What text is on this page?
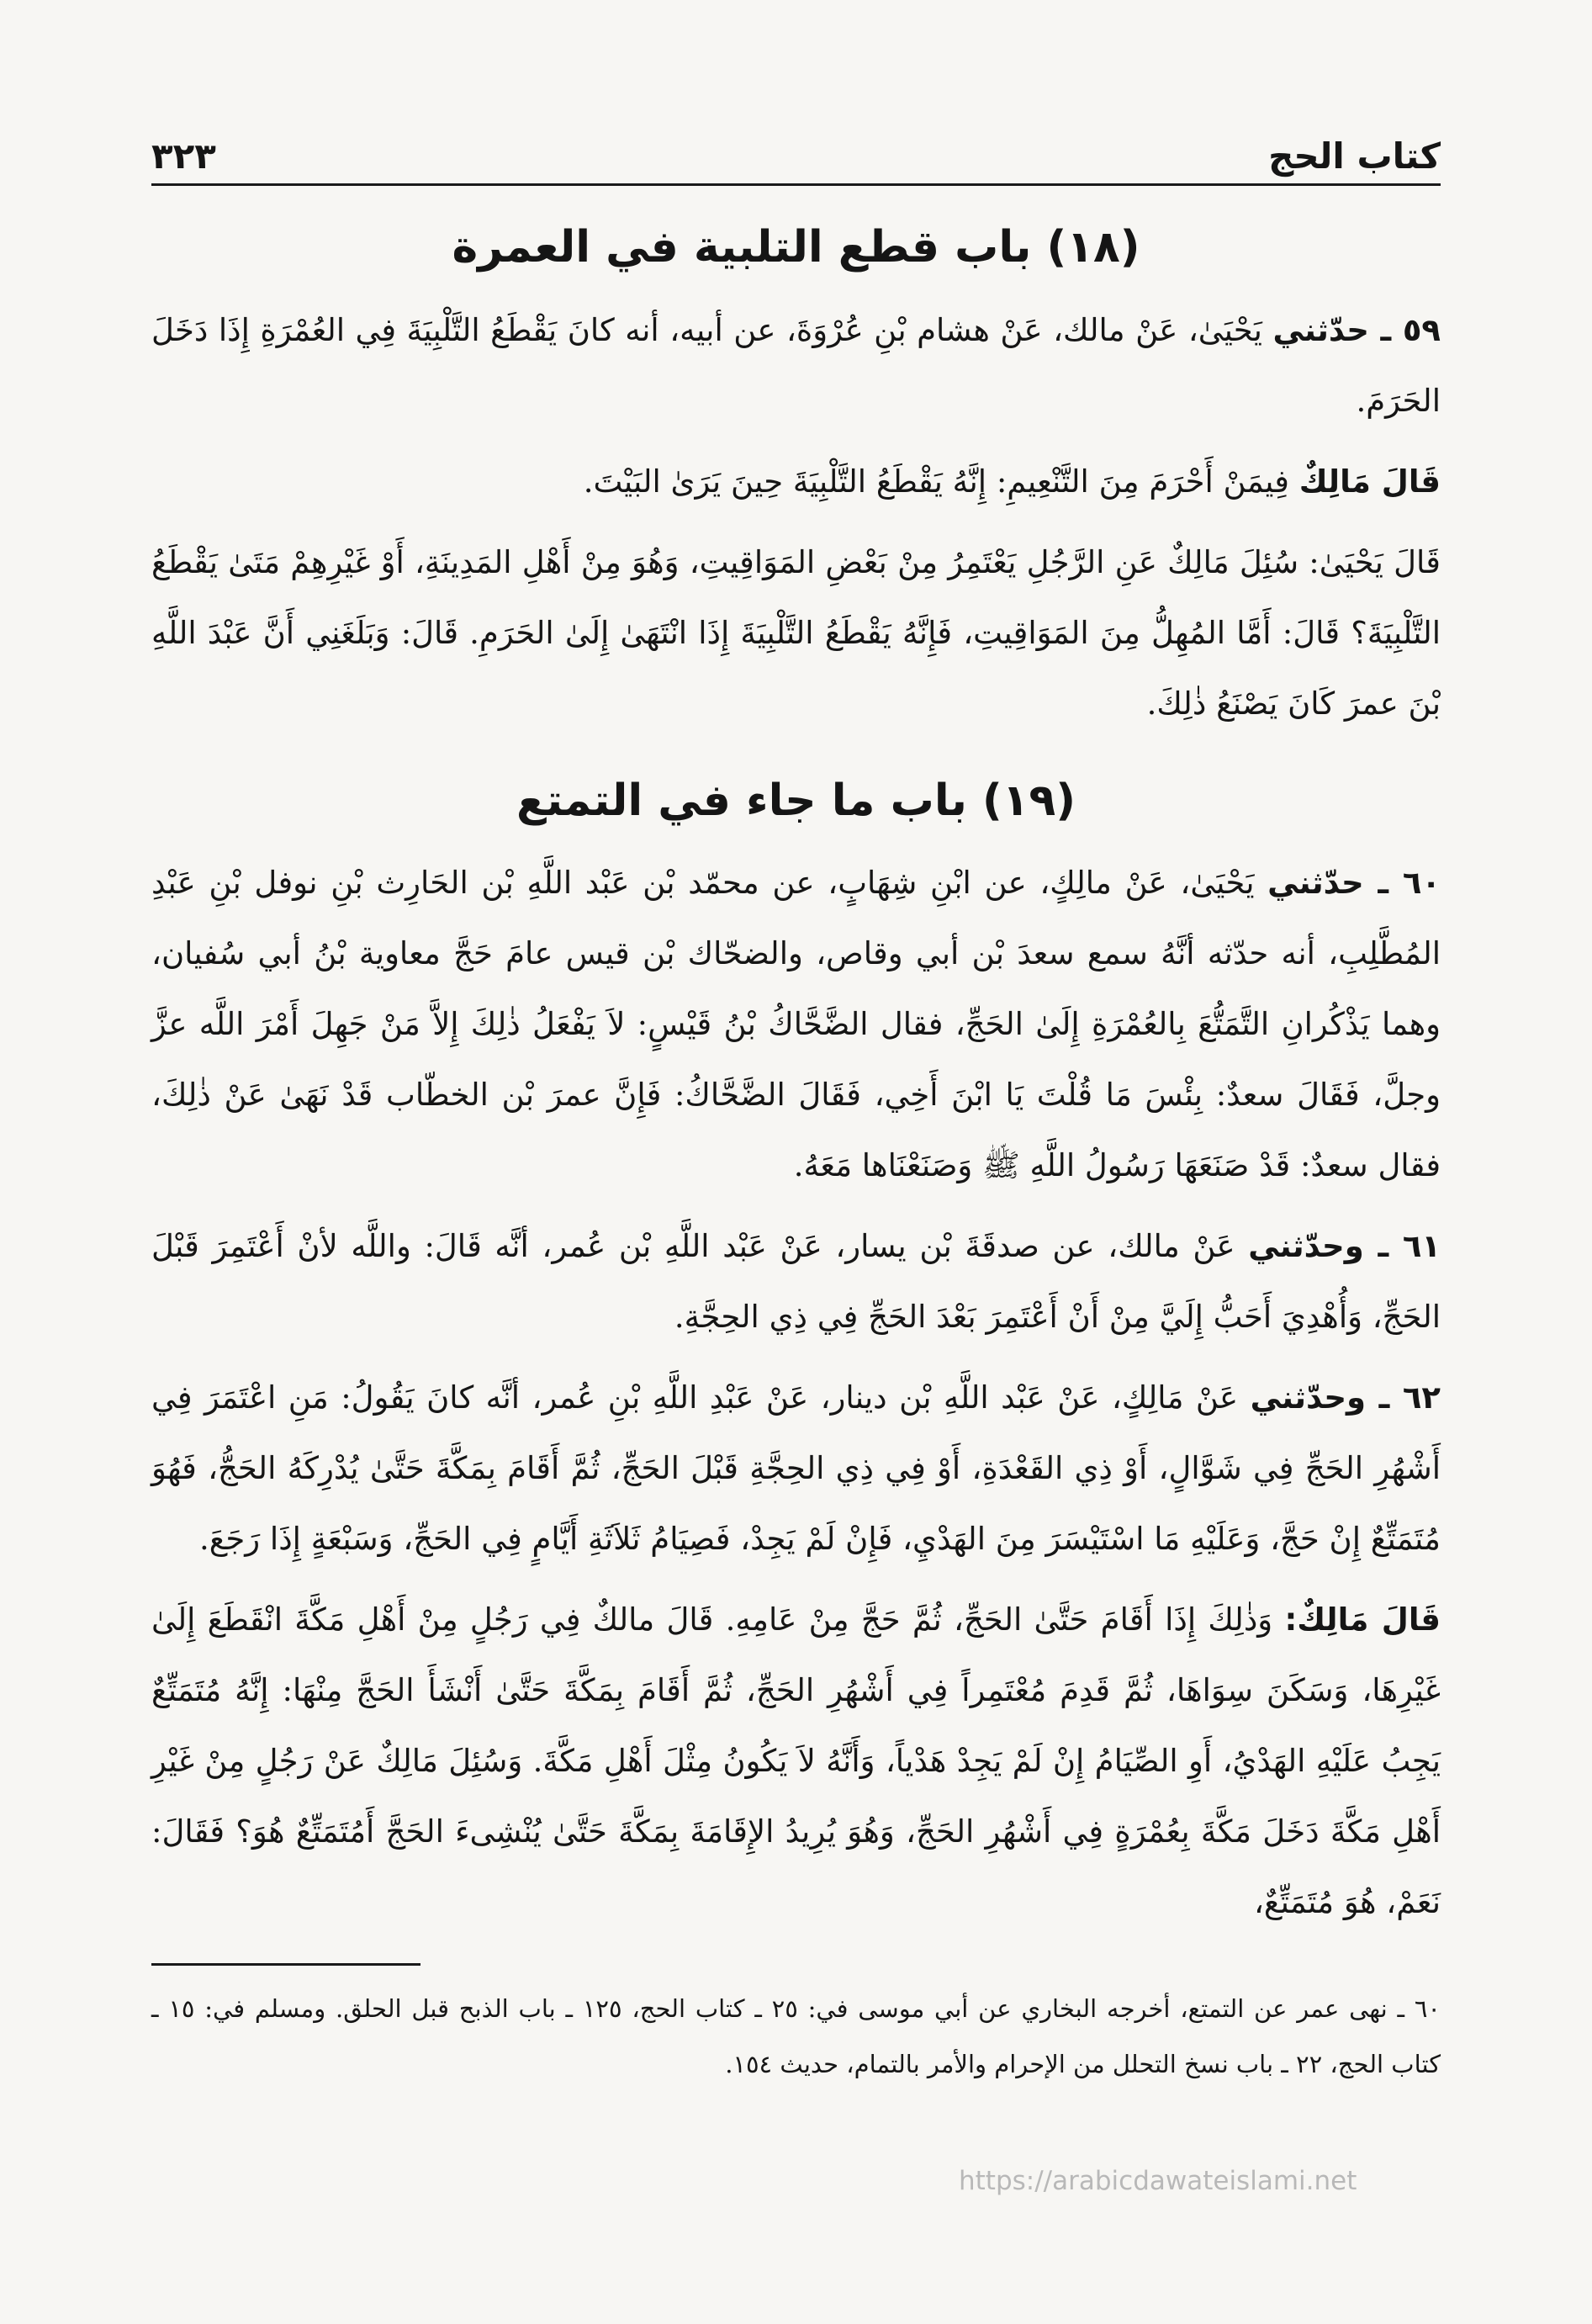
كتاب الحج
٣٢٣
(١٨) باب قطع التلبية في العمرة

٥٩ ـ حدّثني يَحْيَىٰ، عَنْ مالك، عَنْ هشام بْنِ عُرْوَةَ، عن أبيه، أنه كانَ يَقْطَعُ التَّلْبِيَةَ فِي العُمْرَةِ إِذَا دَخَلَ الحَرَمَ.

قَالَ مَالِكٌ فِيمَنْ أَحْرَمَ مِنَ التَّنْعِيمِ: إِنَّهُ يَقْطَعُ التَّلْبِيَةَ حِينَ يَرَىٰ البَيْتَ.

قَالَ يَحْيَىٰ: سُئِلَ مَالِكٌ عَنِ الرَّجُلِ يَعْتَمِرُ مِنْ بَعْضِ المَوَاقِيتِ، وَهُوَ مِنْ أَهْلِ المَدِينَةِ، أَوْ غَيْرِهِمْ مَتَىٰ يَقْطَعُ التَّلْبِيَةَ؟ قَالَ: أَمَّا المُهِلُّ مِنَ المَوَاقِيتِ، فَإِنَّهُ يَقْطَعُ التَّلْبِيَةَ إِذَا انْتَهَىٰ إِلَىٰ الحَرَمِ. قَالَ: وَبَلَغَنِي أَنَّ عَبْدَ اللَّهِ بْنَ عمرَ كَانَ يَصْنَعُ ذٰلِكَ.

(١٩) باب ما جاء في التمتع

٦٠ ـ حدّثني يَحْيَىٰ، عَنْ مالِكٍ، عن ابْنِ شِهَابٍ، عن محمّد بْن عَبْد اللَّهِ بْن الحَارِث بْنِ نوفل بْنِ عَبْدِ المُطَّلِبِ، أنه حدّثه أنَّهُ سمع سعدَ بْن أبي وقاص، والضحّاك بْن قيس عامَ حَجَّ معاوية بْنُ أبي سُفيان، وهما يَذْكُرانِ التَّمَتُّعَ بِالعُمْرَةِ إِلَىٰ الحَجِّ، فقال الضَّحَّاكُ بْنُ قَيْسٍ: لاَ يَفْعَلُ ذٰلِكَ إِلاَّ مَنْ جَهِلَ أَمْرَ اللَّه عزَّ وجلَّ، فَقَالَ سعدٌ: بِئْسَ مَا قُلْتَ يَا ابْنَ أَخِي، فَقَالَ الضَّحَّاكُ: فَإِنَّ عمرَ بْن الخطّاب قَدْ نَهَىٰ عَنْ ذٰلِكَ، فقال سعدٌ: قَدْ صَنَعَهَا رَسُولُ اللَّهِ ﷺ وَصَنَعْنَاها مَعَهُ.

٦١ ـ وحدّثني عَنْ مالك، عن صدقَةَ بْن يسار، عَنْ عَبْد اللَّهِ بْن عُمر، أنَّه قَالَ: واللَّه لأنْ أَعْتَمِرَ قَبْلَ الحَجِّ، وَأُهْدِيَ أَحَبُّ إِلَيَّ مِنْ أَنْ أَعْتَمِرَ بَعْدَ الحَجِّ فِي ذِي الحِجَّةِ.

٦٢ ـ وحدّثني عَنْ مَالِكٍ، عَنْ عَبْد اللَّهِ بْن دينار، عَنْ عَبْدِ اللَّهِ بْنِ عُمر، أنَّه كانَ يَقُولُ: مَنِ اعْتَمَرَ فِي أَشْهُرِ الحَجِّ فِي شَوَّالٍ، أَوْ ذِي القَعْدَةِ، أَوْ فِي ذِي الحِجَّةِ قَبْلَ الحَجِّ، ثُمَّ أَقَامَ بِمَكَّةَ حَتَّىٰ يُدْرِكَهُ الحَجُّ، فَهُوَ مُتَمَتِّعٌ إِنْ حَجَّ، وَعَلَيْهِ مَا اسْتَيْسَرَ مِنَ الهَدْيِ، فَإِنْ لَمْ يَجِدْ، فَصِيَامُ ثَلاَثَةِ أَيَّامٍ فِي الحَجِّ، وَسَبْعَةٍ إِذَا رَجَعَ.

قَالَ مَالِكٌ: وَذٰلِكَ إِذَا أَقَامَ حَتَّىٰ الحَجِّ، ثُمَّ حَجَّ مِنْ عَامِهِ. قَالَ مالكٌ فِي رَجُلٍ مِنْ أَهْلِ مَكَّةَ انْقَطَعَ إِلَىٰ غَيْرِهَا، وَسَكَنَ سِوَاهَا، ثُمَّ قَدِمَ مُعْتَمِراً فِي أَشْهُرِ الحَجِّ، ثُمَّ أَقَامَ بِمَكَّةَ حَتَّىٰ أَنْشَأَ الحَجَّ مِنْهَا: إِنَّهُ مُتَمَتِّعٌ يَجِبُ عَلَيْهِ الهَدْيُ، أَوِ الصِّيَامُ إِنْ لَمْ يَجِدْ هَدْياً، وَأَنَّهُ لاَ يَكُونُ مِثْلَ أَهْلِ مَكَّةَ. وَسُئِلَ مَالِكٌ عَنْ رَجُلٍ مِنْ غَيْرِ أَهْلِ مَكَّةَ دَخَلَ مَكَّةَ بِعُمْرَةٍ فِي أَشْهُرِ الحَجِّ، وَهُوَ يُرِيدُ الإِقَامَةَ بِمَكَّةَ حَتَّىٰ يُنْشِىءَ الحَجَّ أَمُتَمَتِّعٌ هُوَ؟ فَقَالَ: نَعَمْ، هُوَ مُتَمَتِّعٌ،

٦٠ ـ نهى عمر عن التمتع، أخرجه البخاري عن أبي موسى في: ٢٥ ـ كتاب الحج، ١٢٥ ـ باب الذبح قبل الحلق. ومسلم في: ١٥ ـ كتاب الحج، ٢٢ ـ باب نسخ التحلل من الإحرام والأمر بالتمام، حديث ١٥٤.

https://arabicdawateislami.net
